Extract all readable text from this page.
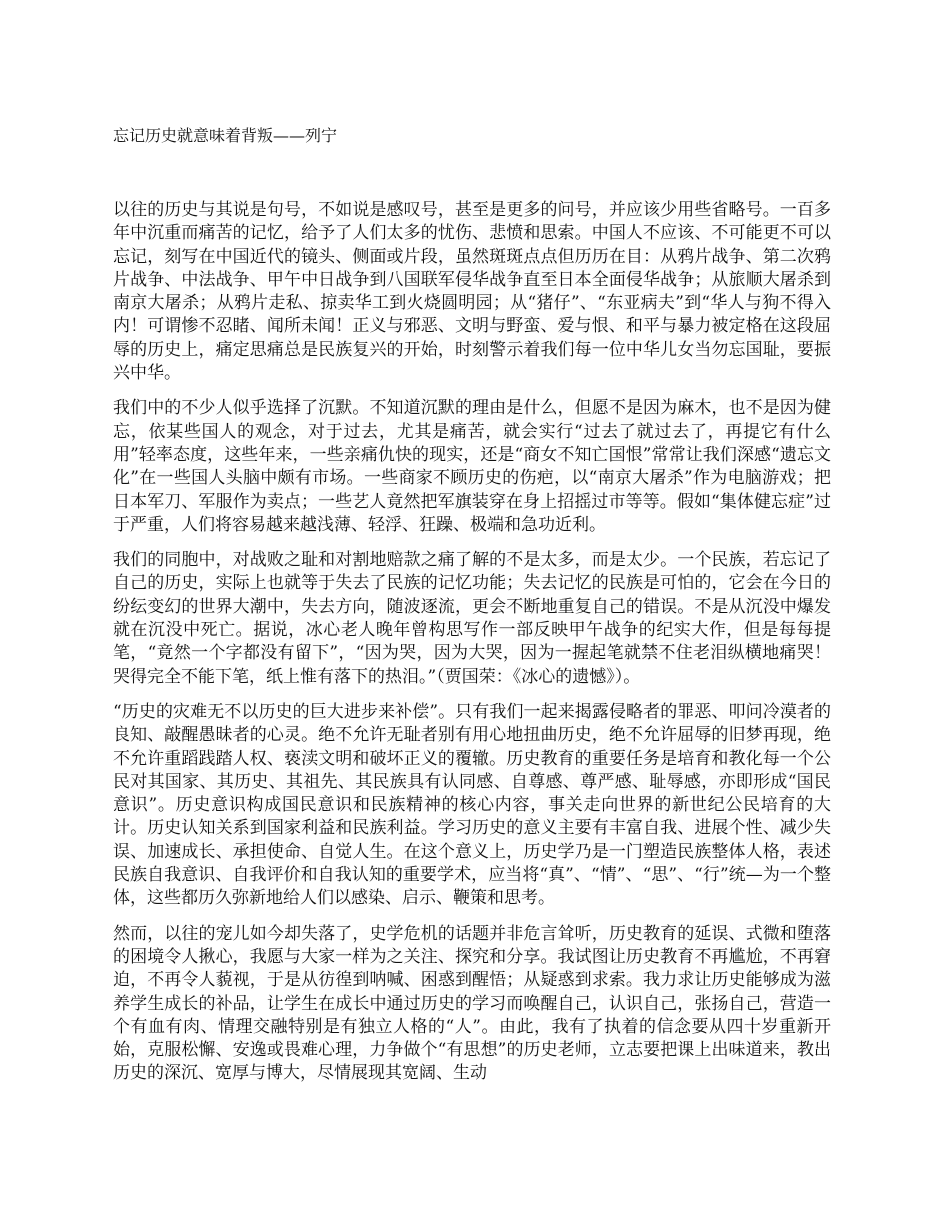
忘记历史就意味着背叛——列宁

以往的历史与其说是句号，不如说是感叹号，甚至是更多的问号，并应该少用些省略号。一百多年中沉重而痛苦的记忆，给予了人们太多的忧伤、悲愤和思索。中国人不应该、不可能更不可以忘记，刻写在中国近代的镜头、侧面或片段，虽然斑斑点点但历历在目：从鸦片战争、第二次鸦片战争、中法战争、甲午中日战争到八国联军侵华战争直至日本全面侵华战争；从旅顺大屠杀到南京大屠杀；从鸦片走私、掠卖华工到火烧圆明园；从“猪仔”、“东亚病夫”到“华人与狗不得入内！可谓惨不忍睹、闻所未闻！正义与邪恶、文明与野蛮、爱与恨、和平与暴力被定格在这段屈辱的历史上，痛定思痛总是民族复兴的开始，时刻警示着我们每一位中华儿女当勿忘国耻，要振兴中华。

我们中的不少人似乎选择了沉默。不知道沉默的理由是什么，但愿不是因为麻木，也不是因为健忘，依某些国人的观念，对于过去，尤其是痛苦，就会实行“过去了就过去了，再提它有什么用”轻率态度，这些年来，一些亲痛仇快的现实，还是“商女不知亡国恨”常常让我们深感“遗忘文化”在一些国人头脑中颇有市场。一些商家不顾历史的伤疤，以“南京大屠杀”作为电脑游戏；把日本军刀、军服作为卖点；一些艺人竟然把军旗装穿在身上招摇过市等等。假如“集体健忘症”过于严重，人们将容易越来越浅薄、轻浮、狂躁、极端和急功近利。

我们的同胞中，对战败之耻和对割地赔款之痛了解的不是太多，而是太少。一个民族，若忘记了自己的历史，实际上也就等于失去了民族的记忆功能；失去记忆的民族是可怕的，它会在今日的纷纭变幻的世界大潮中，失去方向，随波逐流，更会不断地重复自己的错误。不是从沉没中爆发就在沉没中死亡。据说，冰心老人晚年曾构思写作一部反映甲午战争的纪实大作，但是每每提笔，“竟然一个字都没有留下”，“因为哭，因为大哭，因为一握起笔就禁不住老泪纵横地痛哭！哭得完全不能下笔，纸上惟有落下的热泪。”（贾国荣：《冰心的遗憾》）。

“历史的灾难无不以历史的巨大进步来补偿”。只有我们一起来揭露侵略者的罪恶、叩问冷漠者的良知、敲醒愚昧者的心灵。绝不允许无耻者别有用心地扭曲历史，绝不允许屈辱的旧梦再现，绝不允许重蹈践踏人权、亵渎文明和破坏正义的覆辙。历史教育的重要任务是培育和教化每一个公民对其国家、其历史、其祖先、其民族具有认同感、自尊感、尊严感、耻辱感，亦即形成“国民意识”。历史意识构成国民意识和民族精神的核心内容，事关走向世界的新世纪公民培育的大计。历史认知关系到国家利益和民族利益。学习历史的意义主要有丰富自我、进展个性、减少失误、加速成长、承担使命、自觉人生。在这个意义上，历史学乃是一门塑造民族整体人格，表述民族自我意识、自我评价和自我认知的重要学术，应当将“真”、“情”、“思”、“行”统—为一个整体，这些都历久弥新地给人们以感染、启示、鞭策和思考。

然而，以往的宠儿如今却失落了，史学危机的话题并非危言耸听，历史教育的延误、式微和堕落的困境令人揪心，我愿与大家一样为之关注、探究和分享。我试图让历史教育不再尴尬，不再窘迫，不再令人藐视，于是从彷徨到呐喊、困惑到醒悟；从疑惑到求索。我力求让历史能够成为滋养学生成长的补品，让学生在成长中通过历史的学习而唤醒自己，认识自己，张扬自己，营造一个有血有肉、情理交融特别是有独立人格的“人”。由此，我有了执着的信念要从四十岁重新开始，克服松懈、安逸或畏难心理，力争做个“有思想”的历史老师，立志要把课上出味道来，教出历史的深沉、宽厚与博大，尽情展现其宽阔、生动
